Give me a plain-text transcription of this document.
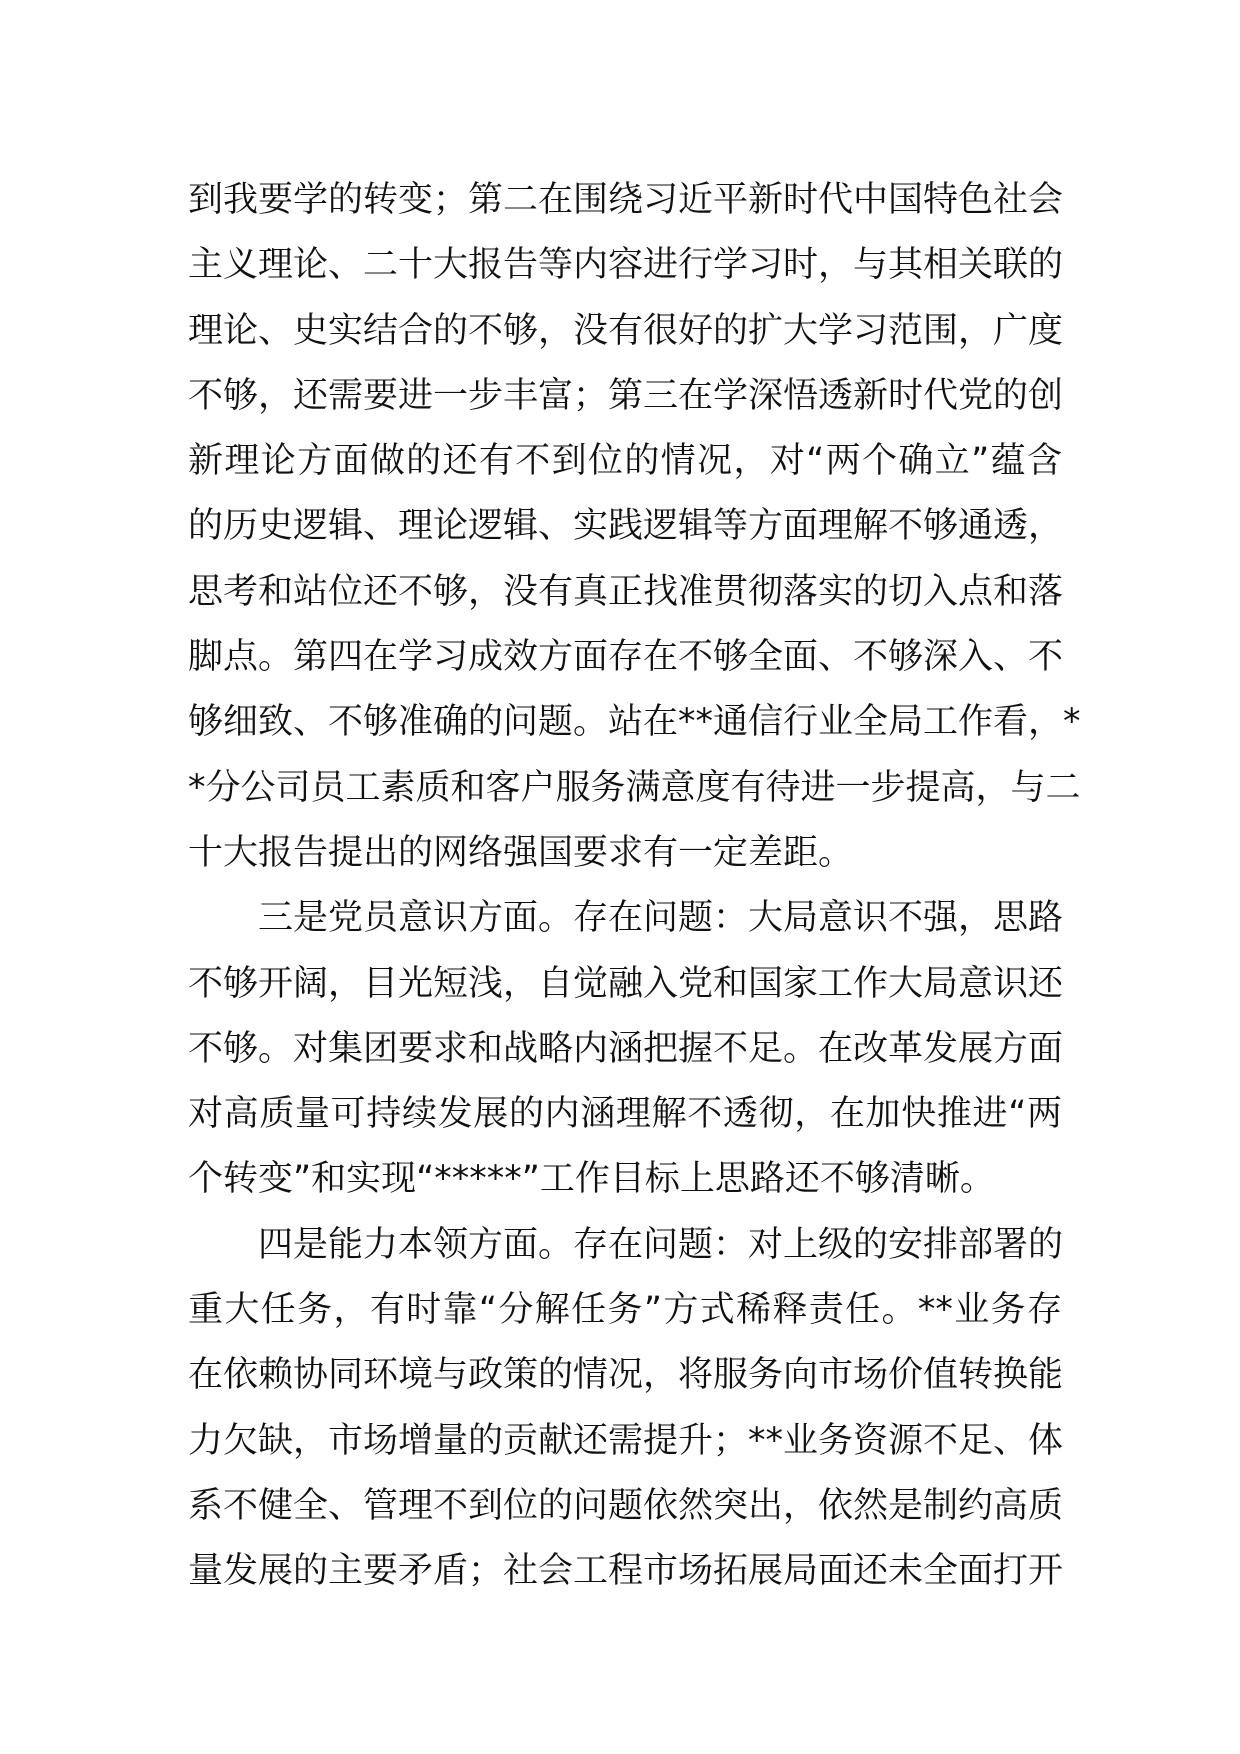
到我要学的转变；第二在围绕习近平新时代中国特色社会
主义理论、二十大报告等内容进行学习时，与其相关联的
理论、史实结合的不够，没有很好的扩大学习范围，广度
不够，还需要进一步丰富；第三在学深悟透新时代党的创
新理论方面做的还有不到位的情况，对“两个确立”蕴含
的历史逻辑、理论逻辑、实践逻辑等方面理解不够通透，
思考和站位还不够，没有真正找准贯彻落实的切入点和落
脚点。第四在学习成效方面存在不够全面、不够深入、不
够细致、不够准确的问题。站在**通信行业全局工作看，*
*分公司员工素质和客户服务满意度有待进一步提高，与二
十大报告提出的网络强国要求有一定差距。
三是党员意识方面。存在问题：大局意识不强，思路
不够开阔，目光短浅，自觉融入党和国家工作大局意识还
不够。对集团要求和战略内涵把握不足。在改革发展方面
对高质量可持续发展的内涵理解不透彻，在加快推进“两
个转变”和实现“*****”工作目标上思路还不够清晰。
四是能力本领方面。存在问题：对上级的安排部署的
重大任务，有时靠“分解任务”方式稀释责任。**业务存
在依赖协同环境与政策的情况，将服务向市场价值转换能
力欠缺，市场增量的贡献还需提升；**业务资源不足、体
系不健全、管理不到位的问题依然突出，依然是制约高质
量发展的主要矛盾；社会工程市场拓展局面还未全面打开
